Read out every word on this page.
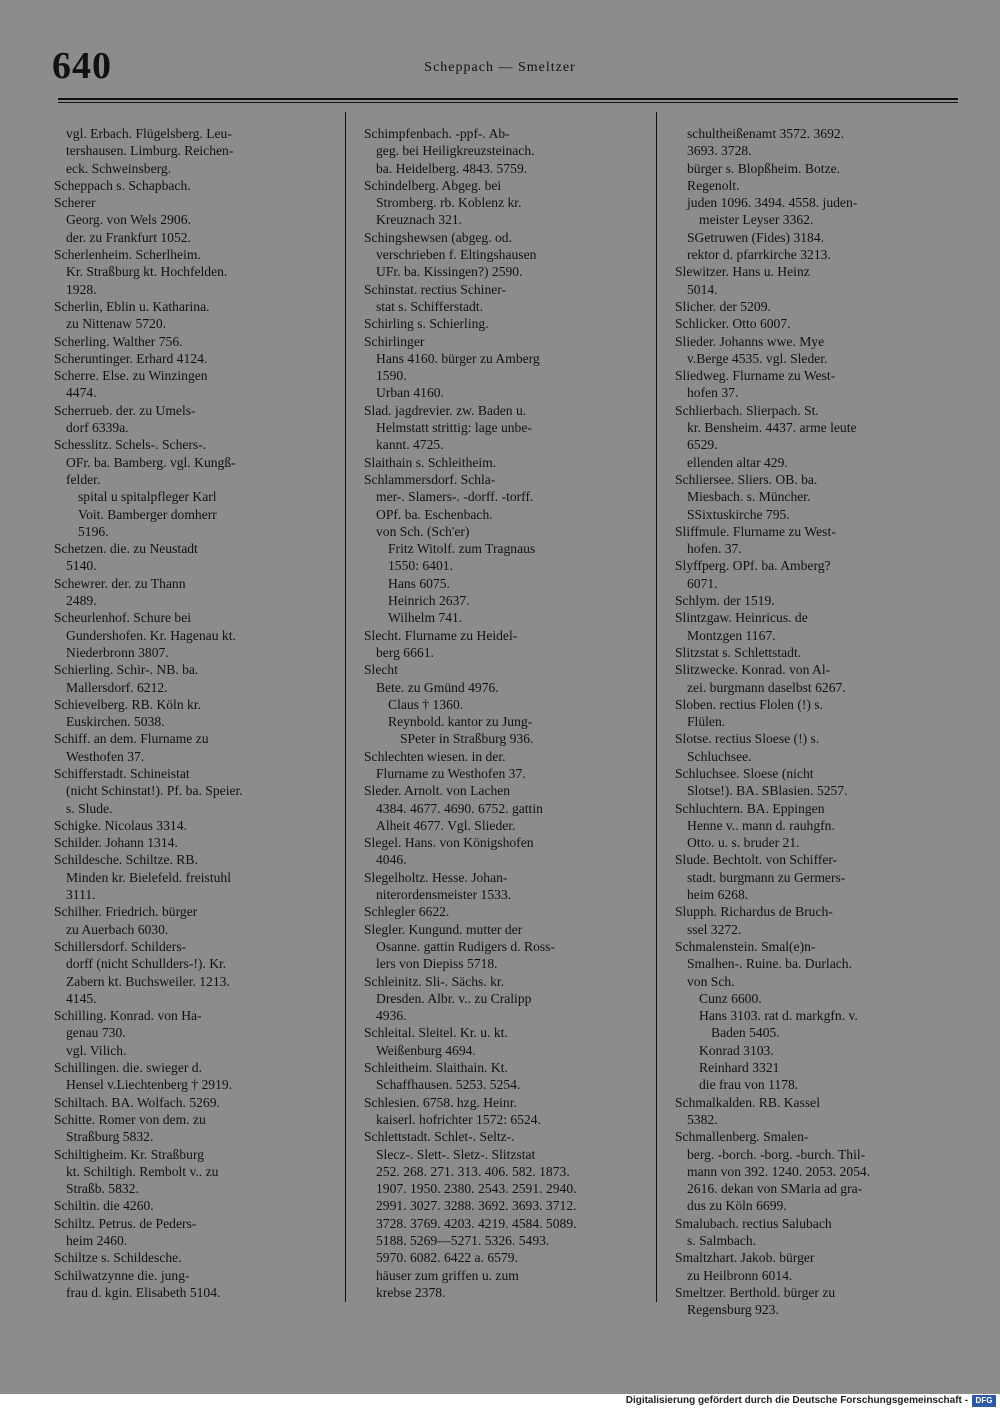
640	Scheppach — Smeltzer
vgl. Erbach. Flügelsberg. Leu-
tershausen. Limburg. Reichen-
eck. Schweinsberg.
Scheppach s. Schapbach.
Scherer
Georg. von Wels 2906.
der. zu Frankfurt 1052.
Scherlenheim. Scherlheim.
Kr. Straßburg kt. Hochfelden.
1928.
Scherlin, Eblin u. Katharina.
zu Nittenaw 5720.
Scherling. Walther 756.
Scheruntinger. Erhard 4124.
Scherre. Else. zu Winzingen
4474.
Scherrueb. der. zu Umels-
dorf 6339a.
Schesslitz. Schels-. Schers-.
OFr. ba. Bamberg. vgl. Kungß-
felder.
spital u spitalpfleger Karl
Voit. Bamberger domherr
5196.
Schetzen. die. zu Neustadt
5140.
Schewrer. der. zu Thann
2489.
Scheurlenhof. Schure bei
Gundershofen. Kr. Hagenau kt.
Niederbronn 3807.
Schierling. Schir-. NB. ba.
Mallersdorf. 6212.
Schievelberg. RB. Köln kr.
Euskirchen. 5038.
Schiff. an dem. Flurname zu
Westhofen 37.
Schifferstadt. Schineistat
(nicht Schinstat!). Pf. ba. Speier.
s. Slude.
Schigke. Nicolaus 3314.
Schilder. Johann 1314.
Schildesche. Schiltze. RB.
Minden kr. Bielefeld. freistuhl
3111.
Schilher. Friedrich. bürger
zu Auerbach 6030.
Schillersdorf. Schilders-
dorff (nicht Schullders-!). Kr.
Zabern kt. Buchsweiler. 1213.
4145.
Schilling. Konrad. von Ha-
genau 730.
vgl. Vilich.
Schillingen. die. swieger d.
Hensel v.Liechtenberg † 2919.
Schiltach. BA. Wolfach. 5269.
Schitte. Romer von dem. zu
Straßburg 5832.
Schiltigheim. Kr. Straßburg
kt. Schiltigh. Rembolt v.. zu
Straßb. 5832.
Schiltin. die 4260.
Schiltz. Petrus. de Peders-
heim 2460.
Schiltze s. Schildesche.
Schilwatzynne die. jung-
frau d. kgin. Elisabeth 5104.
Schimpfenbach. -ppf-. Ab-
geg. bei Heiligkreuzsteinach.
ba. Heidelberg. 4843. 5759.
Schindelberg. Abgeg. bei
Stromberg. rb. Koblenz kr.
Kreuznach 321.
Schingshewsen (abgeg. od.
verschrieben f. Eltingshausen
UFr. ba. Kissingen?) 2590.
Schinstat. rectius Schiner-
stat s. Schifferstadt.
Schirling s. Schierling.
Schirlinger
Hans 4160. bürger zu Amberg
1590.
Urban 4160.
Slad. jagdrevier. zw. Baden u.
Helmstatt strittig: lage unbe-
kannt. 4725.
Slaithain s. Schleitheim.
Schlammersdorf. Schla-
mer-. Slamers-. -dorff. -torff.
OPf. ba. Eschenbach.
von Sch. (Sch'er)
Fritz Witolf. zum Tragnaus
1550: 6401.
Hans 6075.
Heinrich 2637.
Wilhelm 741.
Slecht. Flurname zu Heidel-
berg 6661.
Slecht
Bete. zu Gmünd 4976.
Claus † 1360.
Reynbold. kantor zu Jung-
SPeter in Straßburg 936.
Schlechten wiesen. in der.
Flurname zu Westhofen 37.
Sleder. Arnolt. von Lachen
4384. 4677. 4690. 6752. gattin
Alheit 4677. Vgl. Slieder.
Slegel. Hans. von Königshofen
4046.
Slegelholtz. Hesse. Johan-
niterordensmeister 1533.
Schlegler 6622.
Slegler. Kungund. mutter der
Osanne. gattin Rudigers d. Ross-
lers von Diepiss 5718.
Schleinitz. Sli-. Sächs. kr.
Dresden. Albr. v.. zu Cralipp
4936.
Schleital. Sleitel. Kr. u. kt.
Weißenburg 4694.
Schleitheim. Slaithain. Kt.
Schaffhausen. 5253. 5254.
Schlesien. 6758. hzg. Heinr.
kaiserl. hofrichter 1572: 6524.
Schlettstadt. Schlet-. Seltz-.
Slecz-. Slett-. Sletz-. Slitzstat
252. 268. 271. 313. 406. 582. 1873.
1907. 1950. 2380. 2543. 2591. 2940.
2991. 3027. 3288. 3692. 3693. 3712.
3728. 3769. 4203. 4219. 4584. 5089.
5188. 5269—5271. 5326. 5493.
5970. 6082. 6422 a. 6579.
häuser zum griffen u. zum
krebse 2378.
schultheißenamt 3572. 3692.
3693. 3728.
bürger s. Blopßheim. Botze.
Regenolt.
juden 1096. 3494. 4558. juden-
meister Leyser 3362.
SGetruwen (Fides) 3184.
rektor d. pfarrkirche 3213.
Slewitzer. Hans u. Heinz
5014.
Slicher. der 5209.
Schlicker. Otto 6007.
Slieder. Johanns wwe. Mye
v.Berge 4535. vgl. Sleder.
Sliedweg. Flurname zu West-
hofen 37.
Schlierbach. Slierpach. St.
kr. Bensheim. 4437. arme leute
6529.
ellenden altar 429.
Schliersee. Sliers. OB. ba.
Miesbach. s. Müncher.
SSixtuskirche 795.
Sliffmule. Flurname zu West-
hofen. 37.
Slyffperg. OPf. ba. Amberg?
6071.
Schlym. der 1519.
Slintzgaw. Heinricus. de
Montzgen 1167.
Slitzstat s. Schlettstadt.
Slitzwecke. Konrad. von Al-
zei. burgmann daselbst 6267.
Sloben. rectius Flolen (!) s.
Flülen.
Slotse. rectius Sloese (!) s.
Schluchsee.
Schluchsee. Sloese (nicht
Slotse!). BA. SBlasien. 5257.
Schluchtern. BA. Eppingen
Henne v.. mann d. rauhgfn.
Otto. u. s. bruder 21.
Slude. Bechtolt. von Schiffer-
stadt. burgmann zu Germers-
heim 6268.
Slupph. Richardus de Bruch-
ssel 3272.
Schmalenstein. Smal(e)n-
Smalhen-. Ruine. ba. Durlach.
von Sch.
Cunz 6600.
Hans 3103. rat d. markgfn. v.
Baden 5405.
Konrad 3103.
Reinhard 3321
die frau von 1178.
Schmalkalden. RB. Kassel
5382.
Schmallenberg. Smalen-
berg. -borch. -borg. -burch. Thil-
mann von 392. 1240. 2053. 2054.
2616. dekan von SMaria ad gra-
dus zu Köln 6699.
Smalubach. rectius Salubach
s. Salmbach.
Smaltzhart. Jakob. bürger
zu Heilbronn 6014.
Smeltzer. Berthold. bürger zu
Regensburg 923.
Digitalisierung gefördert durch die Deutsche Forschungsgemeinschaft - DFG
